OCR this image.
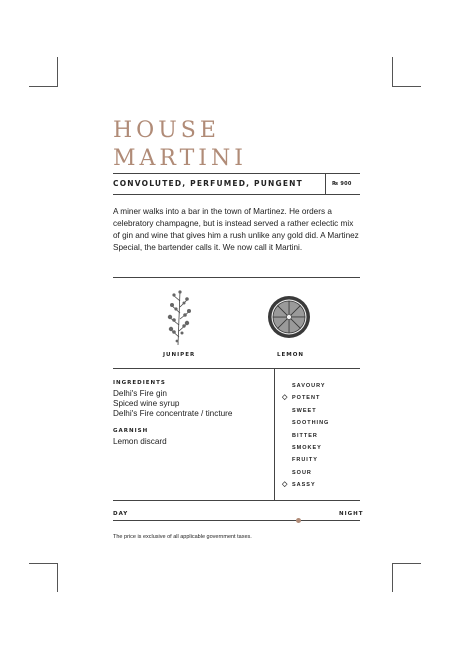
HOUSE
MARTINI
CONVOLUTED, PERFUMED, PUNGENT	₨ 900
A miner walks into a bar in the town of Martinez. He orders a celebratory champagne, but is instead served a rather eclectic mix of gin and wine that gives him a rush unlike any gold did. A Martinez Special, the bartender calls it. We now call it Martini.
JUNIPER	LEMON
INGREDIENTS
Delhi's Fire gin
Spiced wine syrup
Delhi's Fire concentrate / tincture
GARNISH
Lemon discard
SAVOURY
◇ POTENT
SWEET
SOOTHING
BITTER
SMOKEY
FRUITY
SOUR
◇ SASSY
DAY	NIGHT
The price is exclusive of all applicable government taxes.
